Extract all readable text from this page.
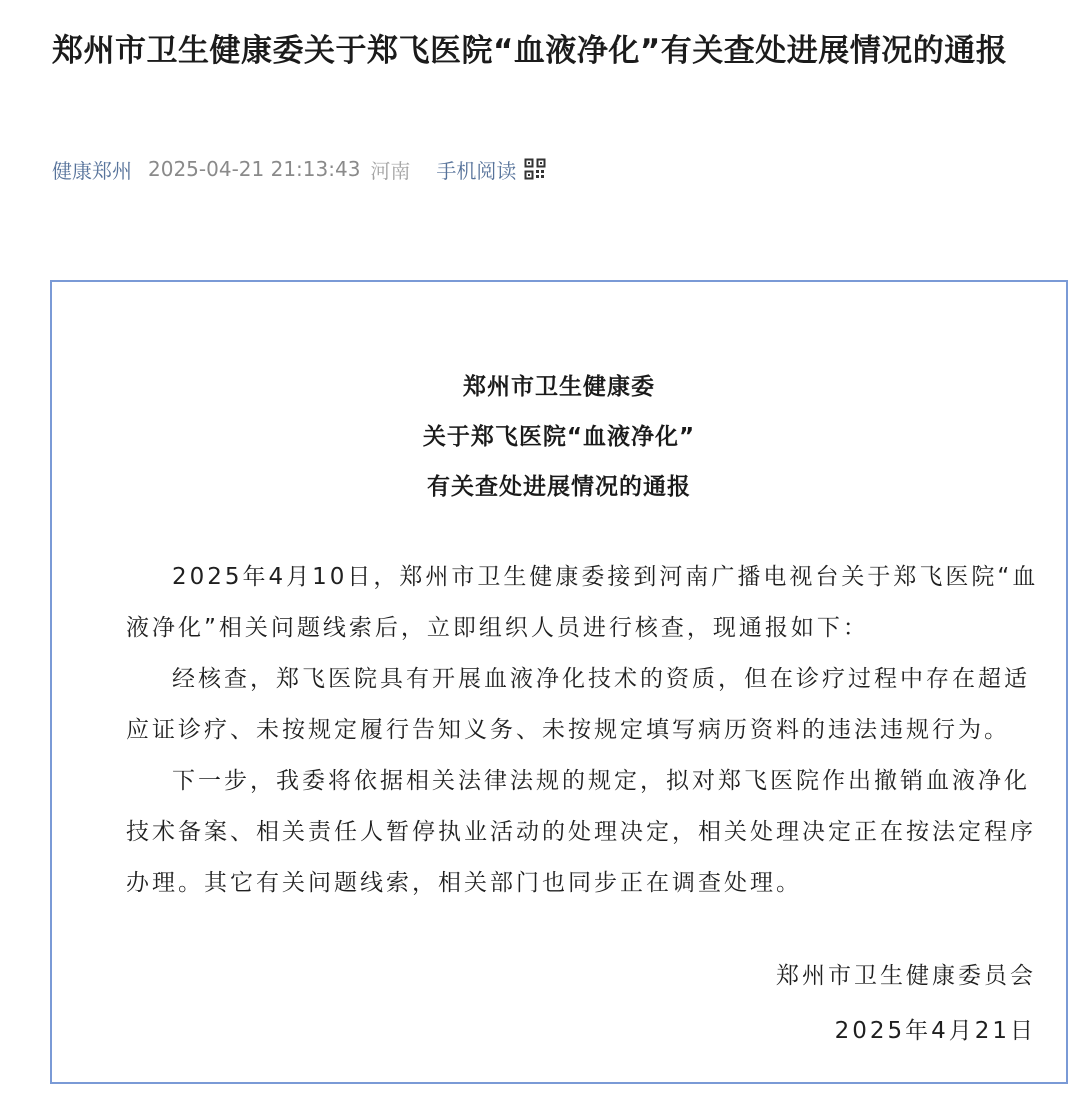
郑州市卫生健康委关于郑飞医院“血液净化”有关查处进展情况的通报
健康郑州 2025-04-21 21:13:43 河南 手机阅读
郑州市卫生健康委
关于郑飞医院“血液净化”
有关查处进展情况的通报

2025年4月10日，郑州市卫生健康委接到河南广播电视台关于郑飞医院“血液净化”相关问题线索后，立即组织人员进行核查，现通报如下：

经核查，郑飞医院具有开展血液净化技术的资质，但在诊疗过程中存在超适应证诊疗、未按规定履行告知义务、未按规定填写病历资料的违法违规行为。

下一步，我委将依据相关法律法规的规定，拟对郑飞医院作出撤销血液净化技术备案、相关责任人暂停执业活动的处理决定，相关处理决定正在按法定程序办理。其它有关问题线索，相关部门也同步正在调查处理。

郑州市卫生健康委员会
2025年4月21日
